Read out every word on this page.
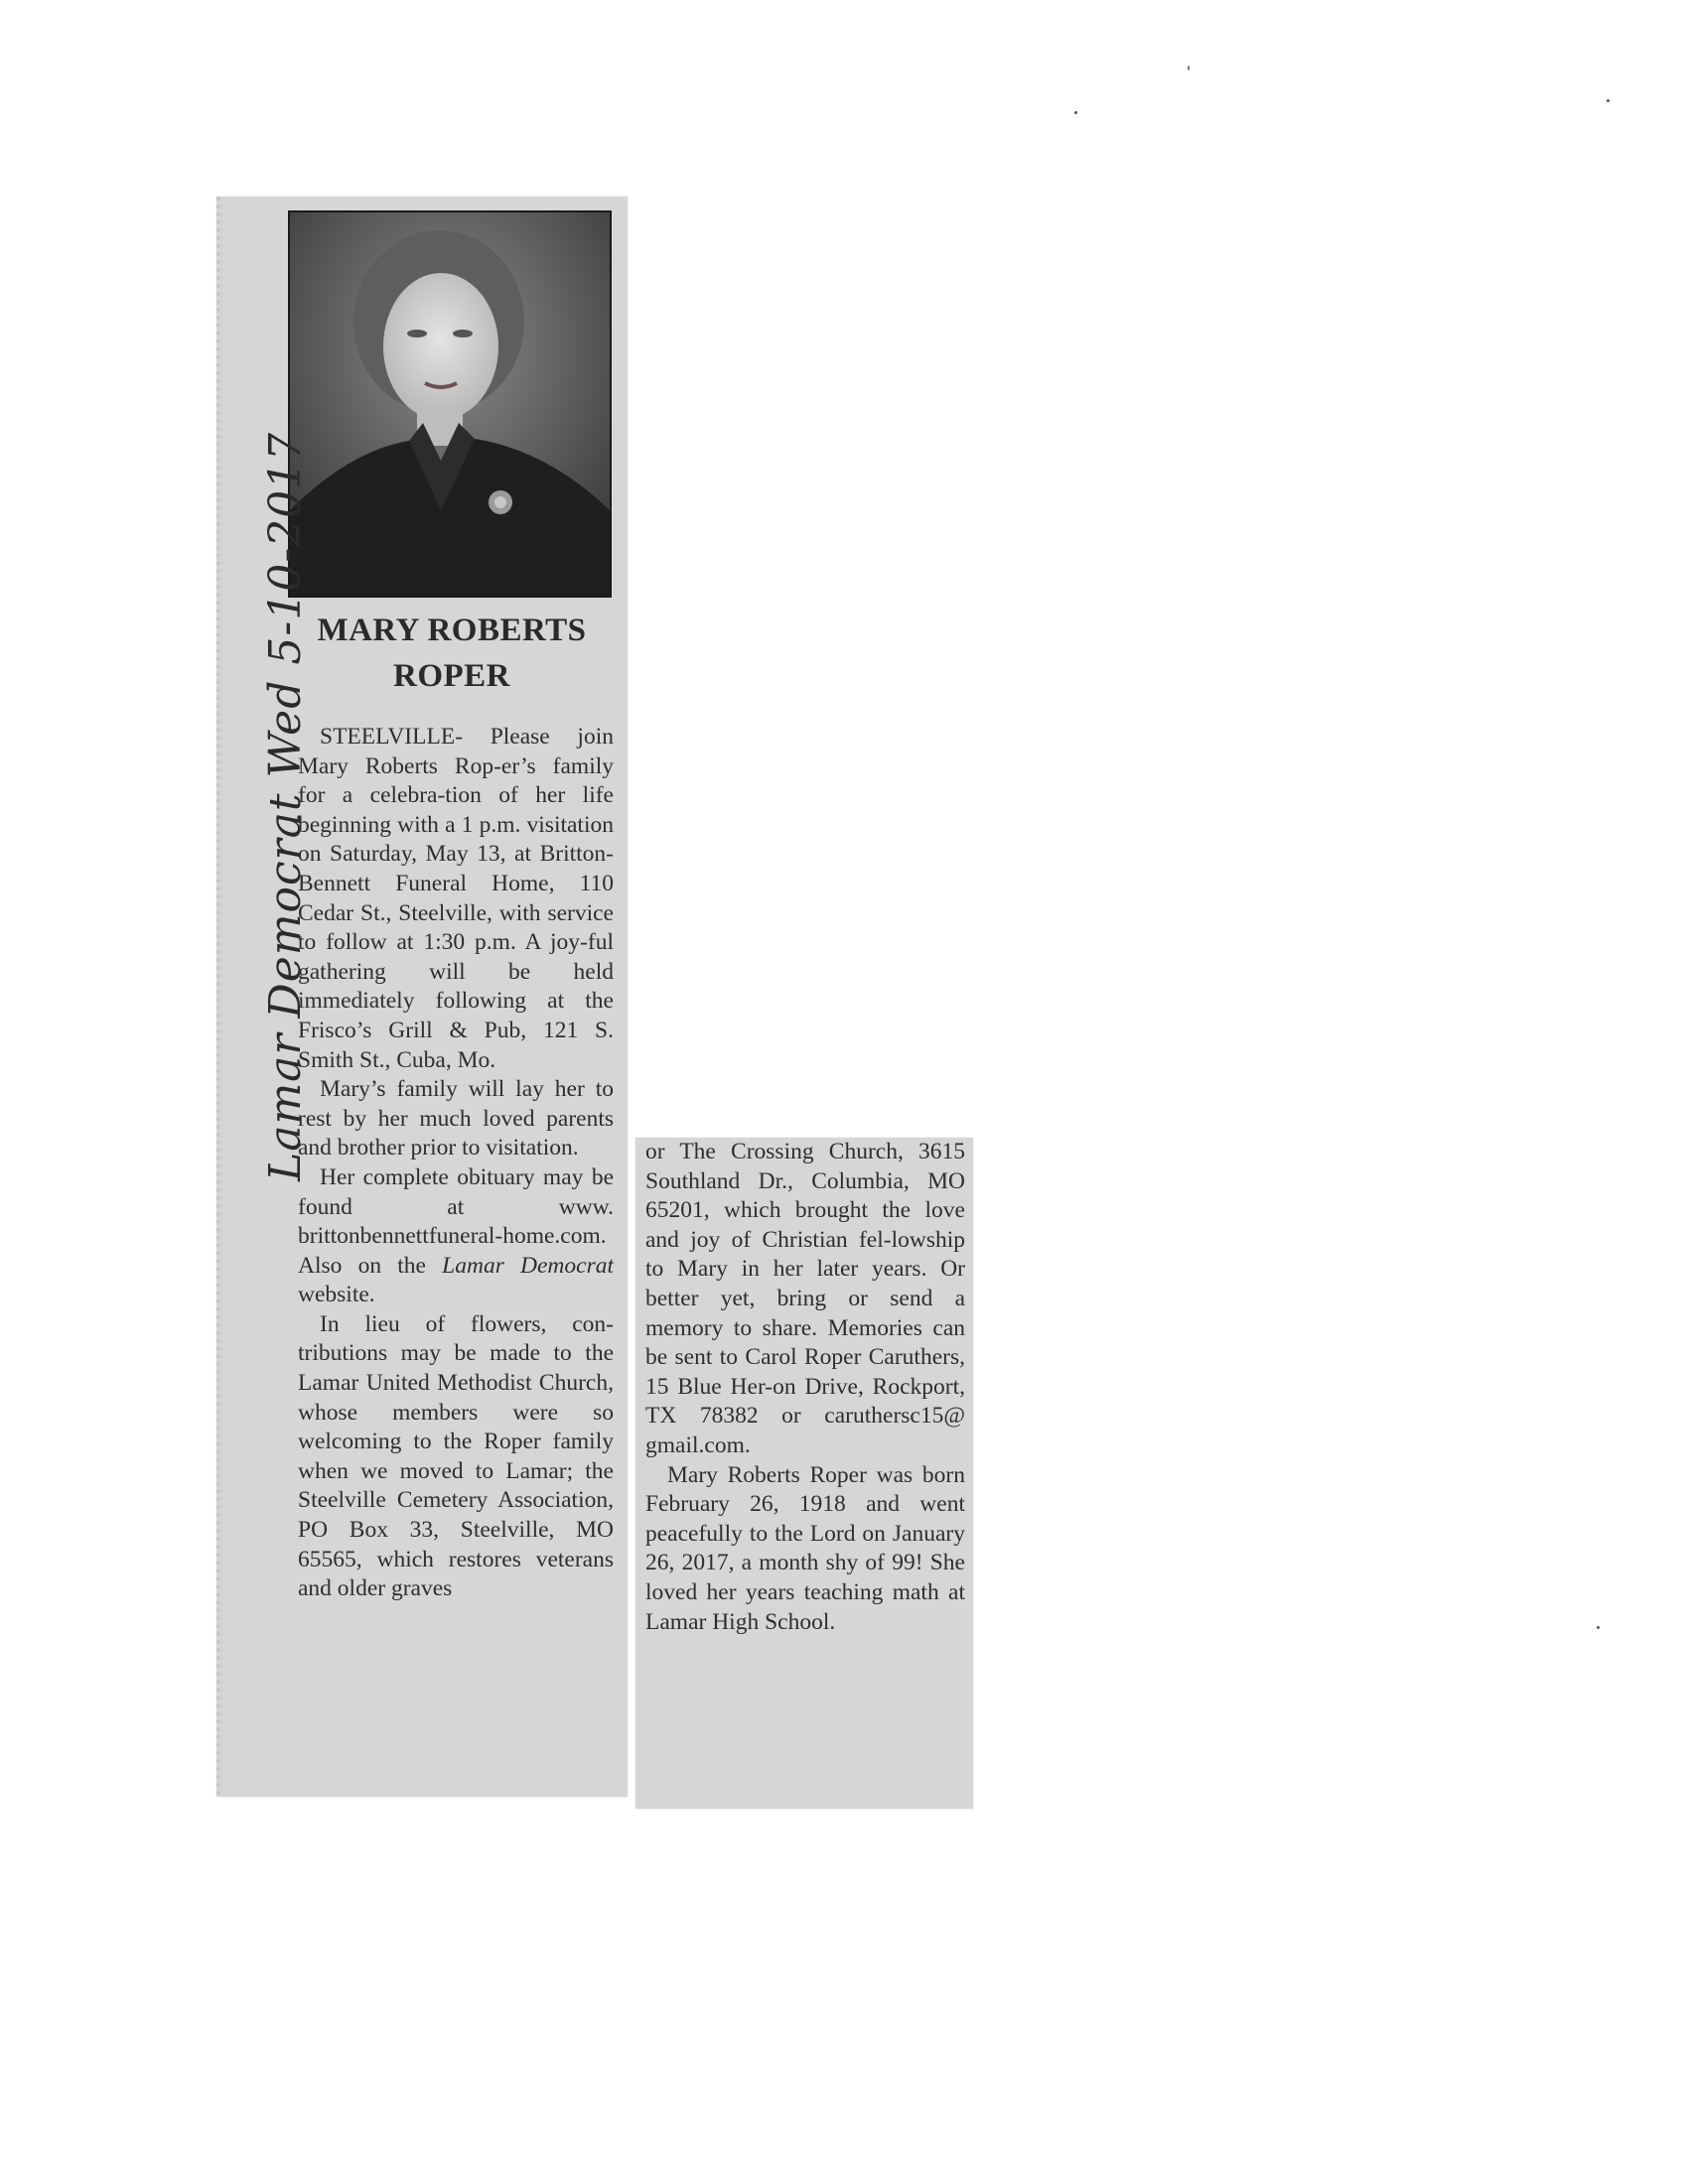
MARY ROBERTS
ROPER

STEELVILLE- Please join Mary Roberts Rop-er’s family for a celebra-tion of her life beginning with a 1 p.m. visitation on Saturday, May 13, at Britton-Bennett Funeral Home, 110 Cedar St., Steelville, with service to follow at 1:30 p.m. A joy-ful gathering will be held immediately following at the Frisco’s Grill & Pub, 121 S. Smith St., Cuba, Mo.

Mary’s family will lay her to rest by her much loved parents and brother prior to visitation.

Her complete obituary may be found at www. brittonbennettfuneral-home.com. Also on the Lamar Democrat website.

In lieu of flowers, con-tributions may be made to the Lamar United Methodist Church, whose members were so welcoming to the Roper family when we moved to Lamar; the Steelville Cemetery Association, PO Box 33, Steelville, MO 65565, which restores veterans and older graves

or The Crossing Church, 3615 Southland Dr., Columbia, MO 65201, which brought the love and joy of Christian fel-lowship to Mary in her later years. Or better yet, bring or send a memory to share. Memories can be sent to Carol Roper Caruthers, 15 Blue Her-on Drive, Rockport, TX 78382 or caruthersc15@ gmail.com.

Mary Roberts Roper was born February 26, 1918 and went peacefully to the Lord on January 26, 2017, a month shy of 99! She loved her years teaching math at Lamar High School.

Lamar Democrat Wed 5-10-2017
